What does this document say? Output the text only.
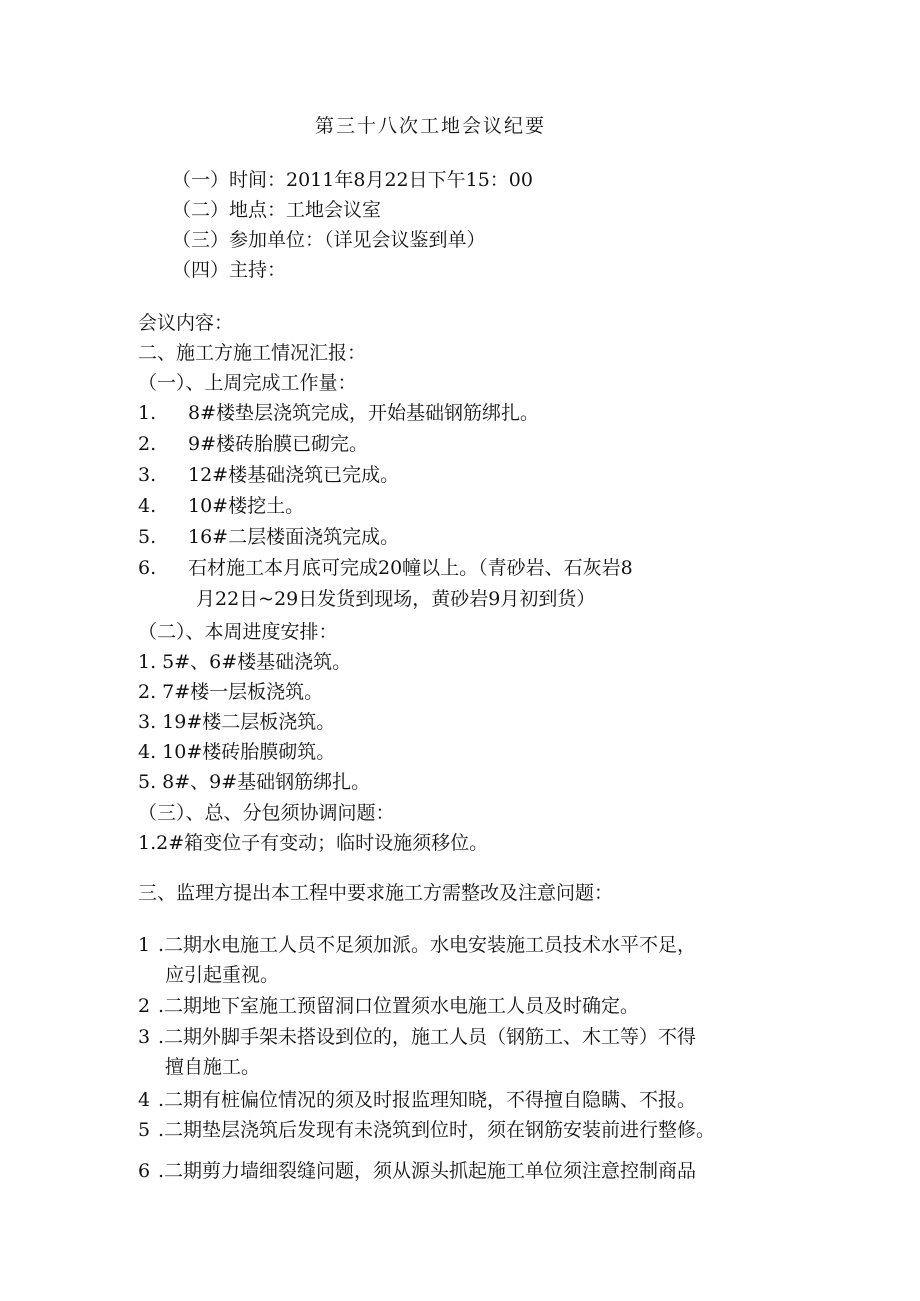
第三十八次工地会议纪要
（一）时间：2011年8月22日下午15：00
（二）地点：工地会议室
（三）参加单位：（详见会议鉴到单）
（四）主持：
会议内容：
二、施工方施工情况汇报：
（一）、上周完成工作量：
1. 8#楼垫层浇筑完成，开始基础钢筋绑扎。
2. 9#楼砖胎膜已砌完。
3. 12#楼基础浇筑已完成。
4. 10#楼挖土。
5. 16#二层楼面浇筑完成。
6. 石材施工本月底可完成20幢以上。（青砂岩、石灰岩8
月22日~29日发货到现场，黄砂岩9月初到货）
（二）、本周进度安排：
1. 5#、6#楼基础浇筑。
2. 7#楼一层板浇筑。
3. 19#楼二层板浇筑。
4. 10#楼砖胎膜砌筑。
5. 8#、9#基础钢筋绑扎。
（三）、总、分包须协调问题：
1.2#箱变位子有变动；临时设施须移位。
三、监理方提出本工程中要求施工方需整改及注意问题：
1 .二期水电施工人员不足须加派。水电安装施工员技术水平不足，
应引起重视。
2 .二期地下室施工预留洞口位置须水电施工人员及时确定。
3 .二期外脚手架未搭设到位的，施工人员（钢筋工、木工等）不得
擅自施工。
4 .二期有桩偏位情况的须及时报监理知晓，不得擅自隐瞒、不报。
5 .二期垫层浇筑后发现有未浇筑到位时，须在钢筋安装前进行整修。
6 .二期剪力墙细裂缝问题，须从源头抓起施工单位须注意控制商品
